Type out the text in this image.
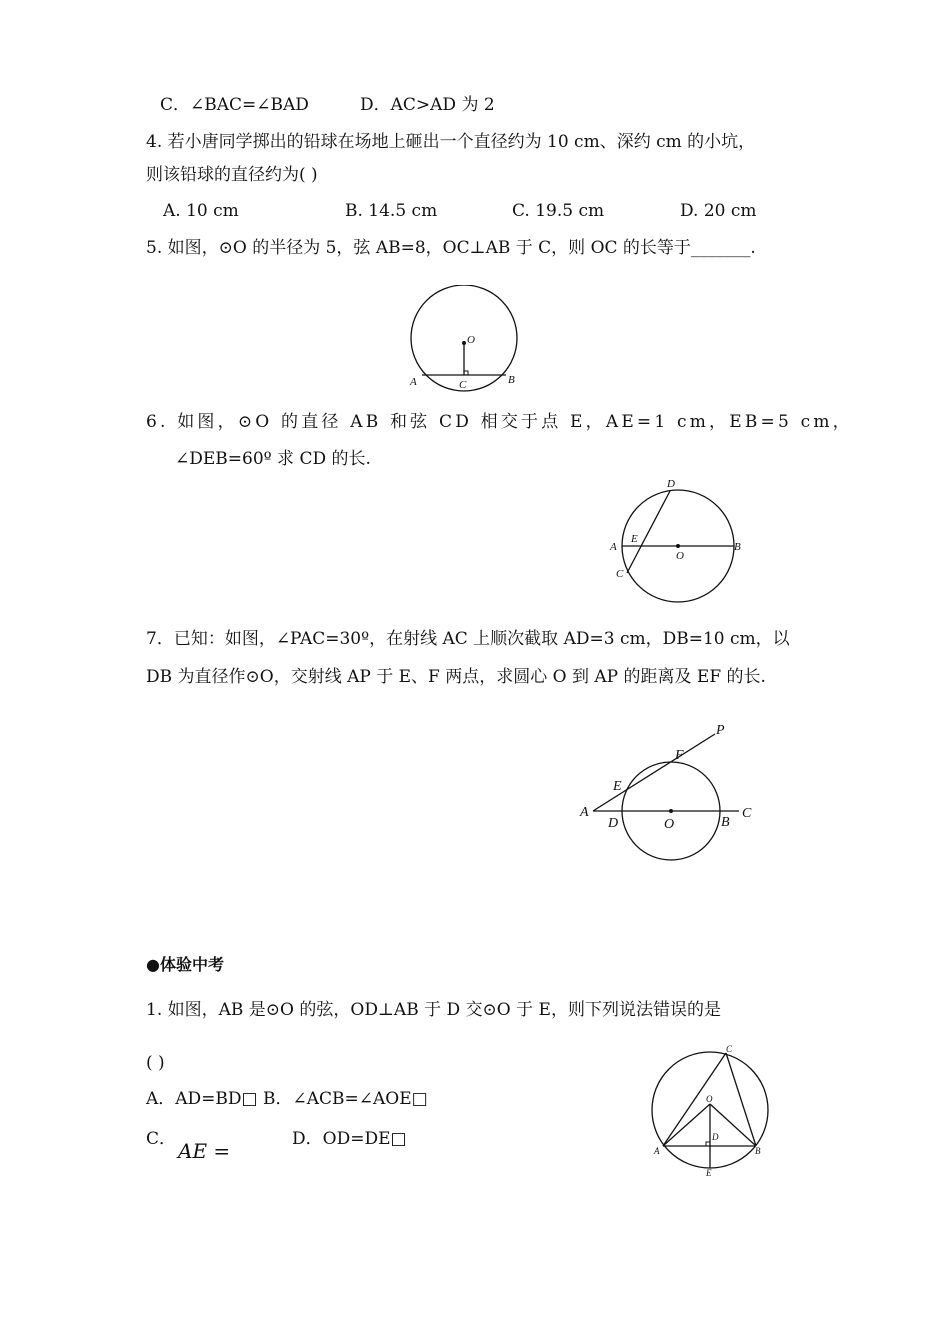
C．∠BAC=∠BAD	D．AC>AD 为 2
4. 若小唐同学掷出的铅球在场地上砸出一个直径约为 10 cm、深约 cm 的小坑，
则该铅球的直径约为( )
A. 10 cm	B. 14.5 cm	C. 19.5 cm	D. 20 cm
5. 如图，⊙O 的半径为 5，弦 AB=8，OC⊥AB 于 C，则 OC 的长等于_______.
O
A	B
C
6. 如图，⊙O 的直径 AB 和弦 CD 相交于点 E，AE=1 cm，EB=5 cm，
∠DEB=60º 求 CD 的长.
D
A
E
O
B
C
7．已知：如图，∠PAC=30º，在射线 AC 上顺次截取 AD=3 cm，DB=10 cm，以
DB 为直径作⊙O，交射线 AP 于 E、F 两点，求圆心 O 到 AP 的距离及 EF 的长.
P
F
E
A
D	O	B
C
●体验中考
1. 如图，AB 是⊙O 的弦，OD⊥AB 于 D 交⊙O 于 E，则下列说法错误的是
( )
A．AD=BD□ B．∠ACB=∠AOE□
C． AE =	D．OD=DE□
C
O
D
A	B
E
